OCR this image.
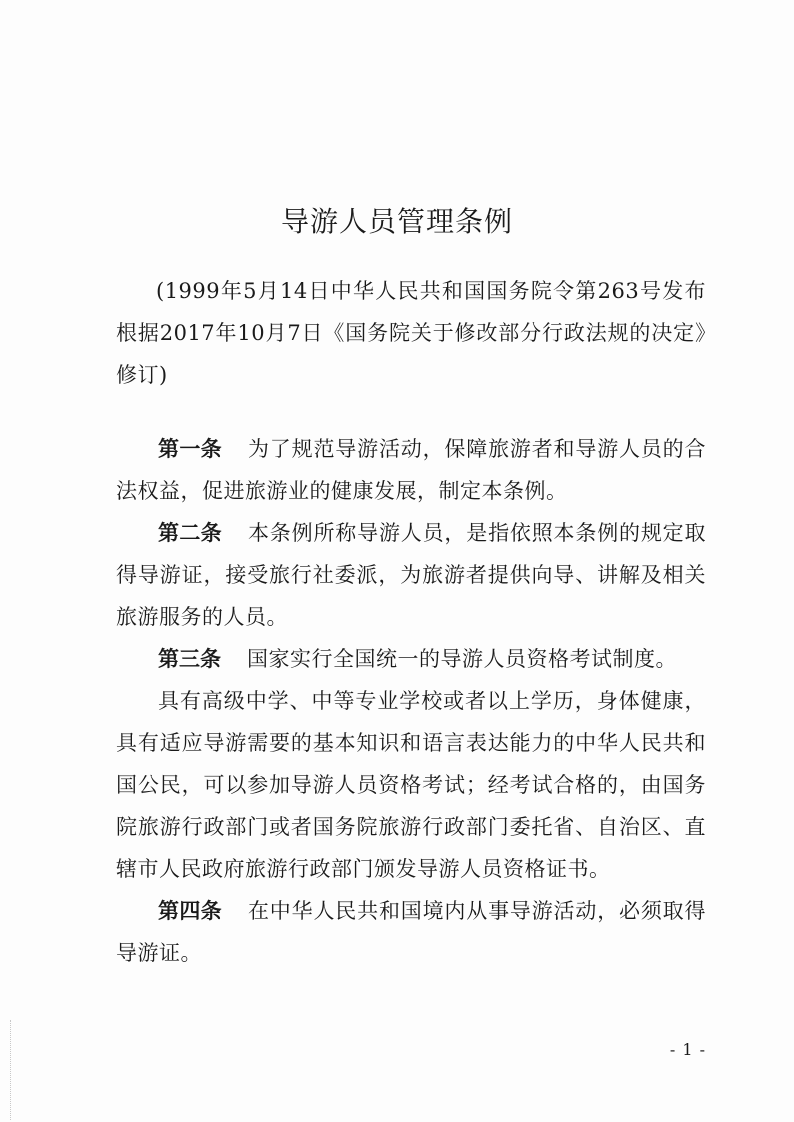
导游人员管理条例

(1999年5月14日中华人民共和国国务院令第263号发布　根据2017年10月7日《国务院关于修改部分行政法规的决定》修订)

第一条 为了规范导游活动，保障旅游者和导游人员的合法权益，促进旅游业的健康发展，制定本条例。

第二条 本条例所称导游人员，是指依照本条例的规定取得导游证，接受旅行社委派，为旅游者提供向导、讲解及相关旅游服务的人员。

第三条 国家实行全国统一的导游人员资格考试制度。

具有高级中学、中等专业学校或者以上学历，身体健康，具有适应导游需要的基本知识和语言表达能力的中华人民共和国公民，可以参加导游人员资格考试；经考试合格的，由国务院旅游行政部门或者国务院旅游行政部门委托省、自治区、直辖市人民政府旅游行政部门颁发导游人员资格证书。

第四条 在中华人民共和国境内从事导游活动，必须取得导游证。

- 1 -
